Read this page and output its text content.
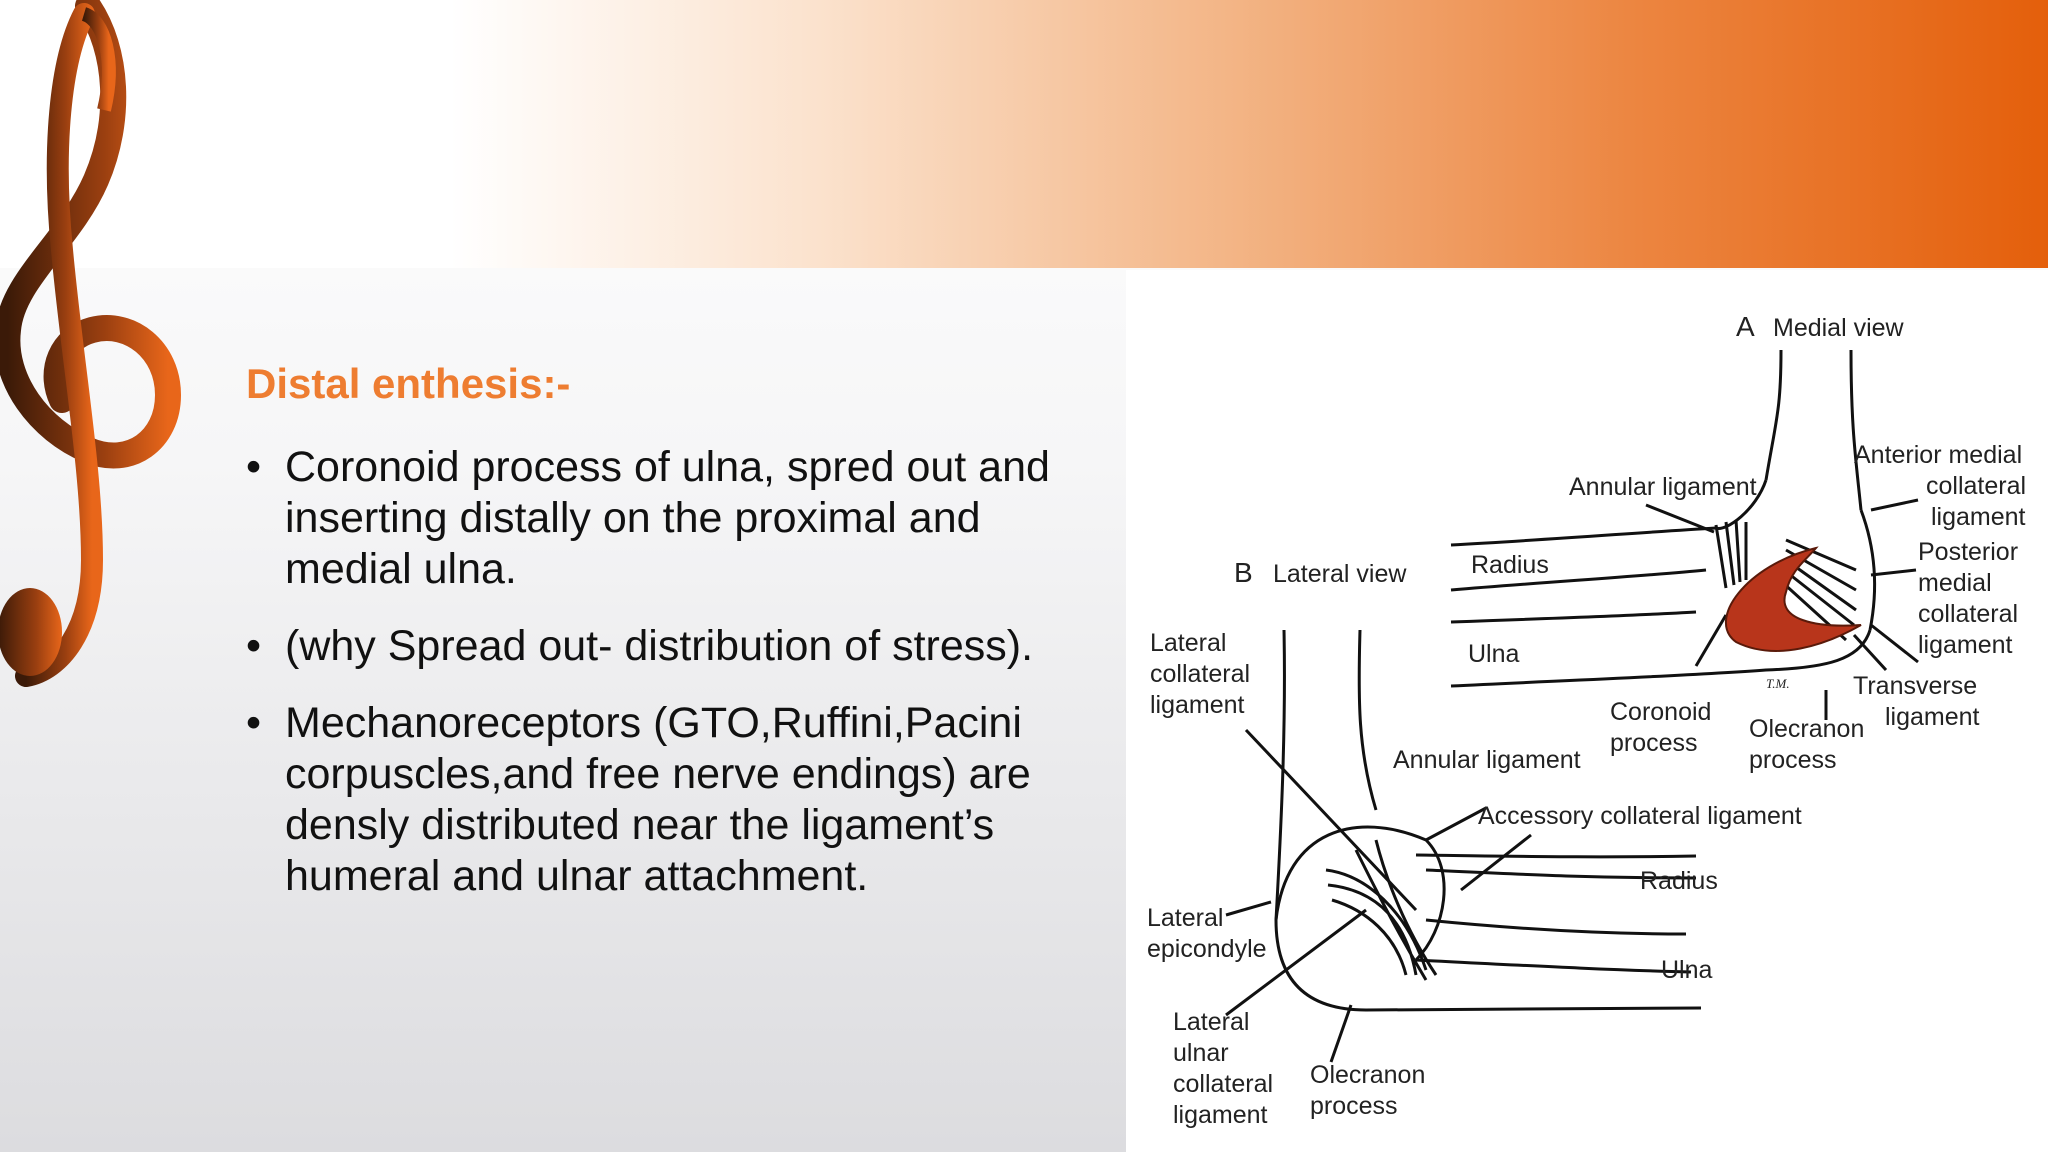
Distal enthesis:-
• Coronoid process of ulna, spred out and inserting distally on the proximal and medial ulna.
• (why Spread out- distribution of stress).
• Mechanoreceptors (GTO,Ruffini,Pacini corpuscles,and free nerve endings) are densly distributed near the ligament’s humeral and ulnar attachment.
A Medial view
Annular ligament
Anterior medial
collateral
ligament
Posterior
medial
collateral
ligament
Radius
Ulna
Coronoid
process Olecranon
process
Transverse
ligament
T.M.
B Lateral view
Lateral
collateral
ligament
Annular ligament
Accessory collateral ligament
Radius
Lateral
epicondyle
Ulna
Lateral
ulnar
collateral
ligament
Olecranon
process
